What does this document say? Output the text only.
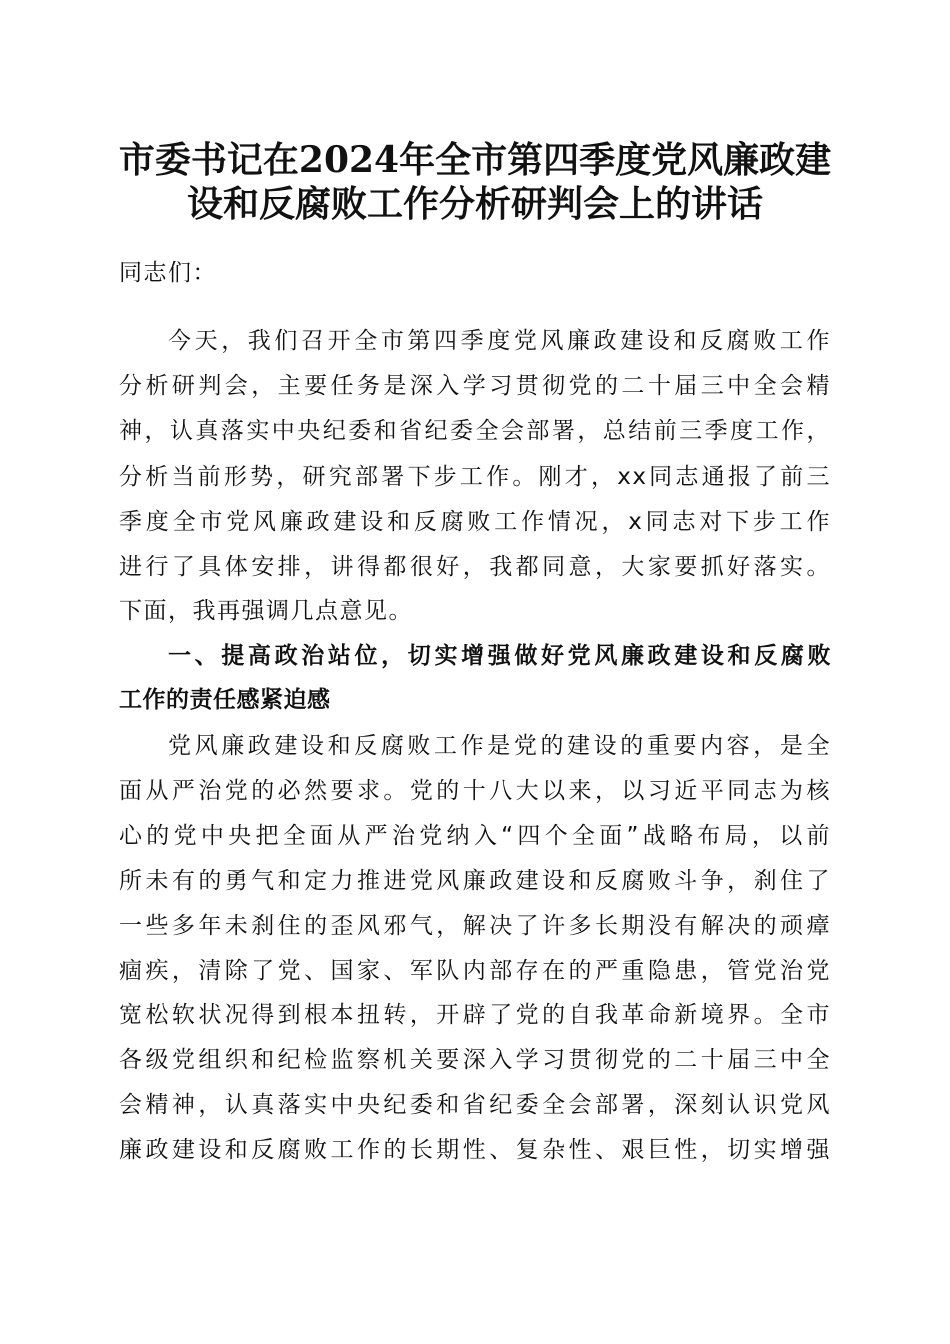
市委书记在2024年全市第四季度党风廉政建
设和反腐败工作分析研判会上的讲话
同志们：
今天，我们召开全市第四季度党风廉政建设和反腐败工作
分析研判会，主要任务是深入学习贯彻党的二十届三中全会精
神，认真落实中央纪委和省纪委全会部署，总结前三季度工作，
分析当前形势，研究部署下步工作。刚才，xx同志通报了前三
季度全市党风廉政建设和反腐败工作情况，x同志对下步工作
进行了具体安排，讲得都很好，我都同意，大家要抓好落实。
下面，我再强调几点意见。
一、提高政治站位，切实增强做好党风廉政建设和反腐败
工作的责任感紧迫感
党风廉政建设和反腐败工作是党的建设的重要内容，是全
面从严治党的必然要求。党的十八大以来，以习近平同志为核
心的党中央把全面从严治党纳入“四个全面”战略布局，以前
所未有的勇气和定力推进党风廉政建设和反腐败斗争，刹住了
一些多年未刹住的歪风邪气，解决了许多长期没有解决的顽瘴
痼疾，清除了党、国家、军队内部存在的严重隐患，管党治党
宽松软状况得到根本扭转，开辟了党的自我革命新境界。全市
各级党组织和纪检监察机关要深入学习贯彻党的二十届三中全
会精神，认真落实中央纪委和省纪委全会部署，深刻认识党风
廉政建设和反腐败工作的长期性、复杂性、艰巨性，切实增强
